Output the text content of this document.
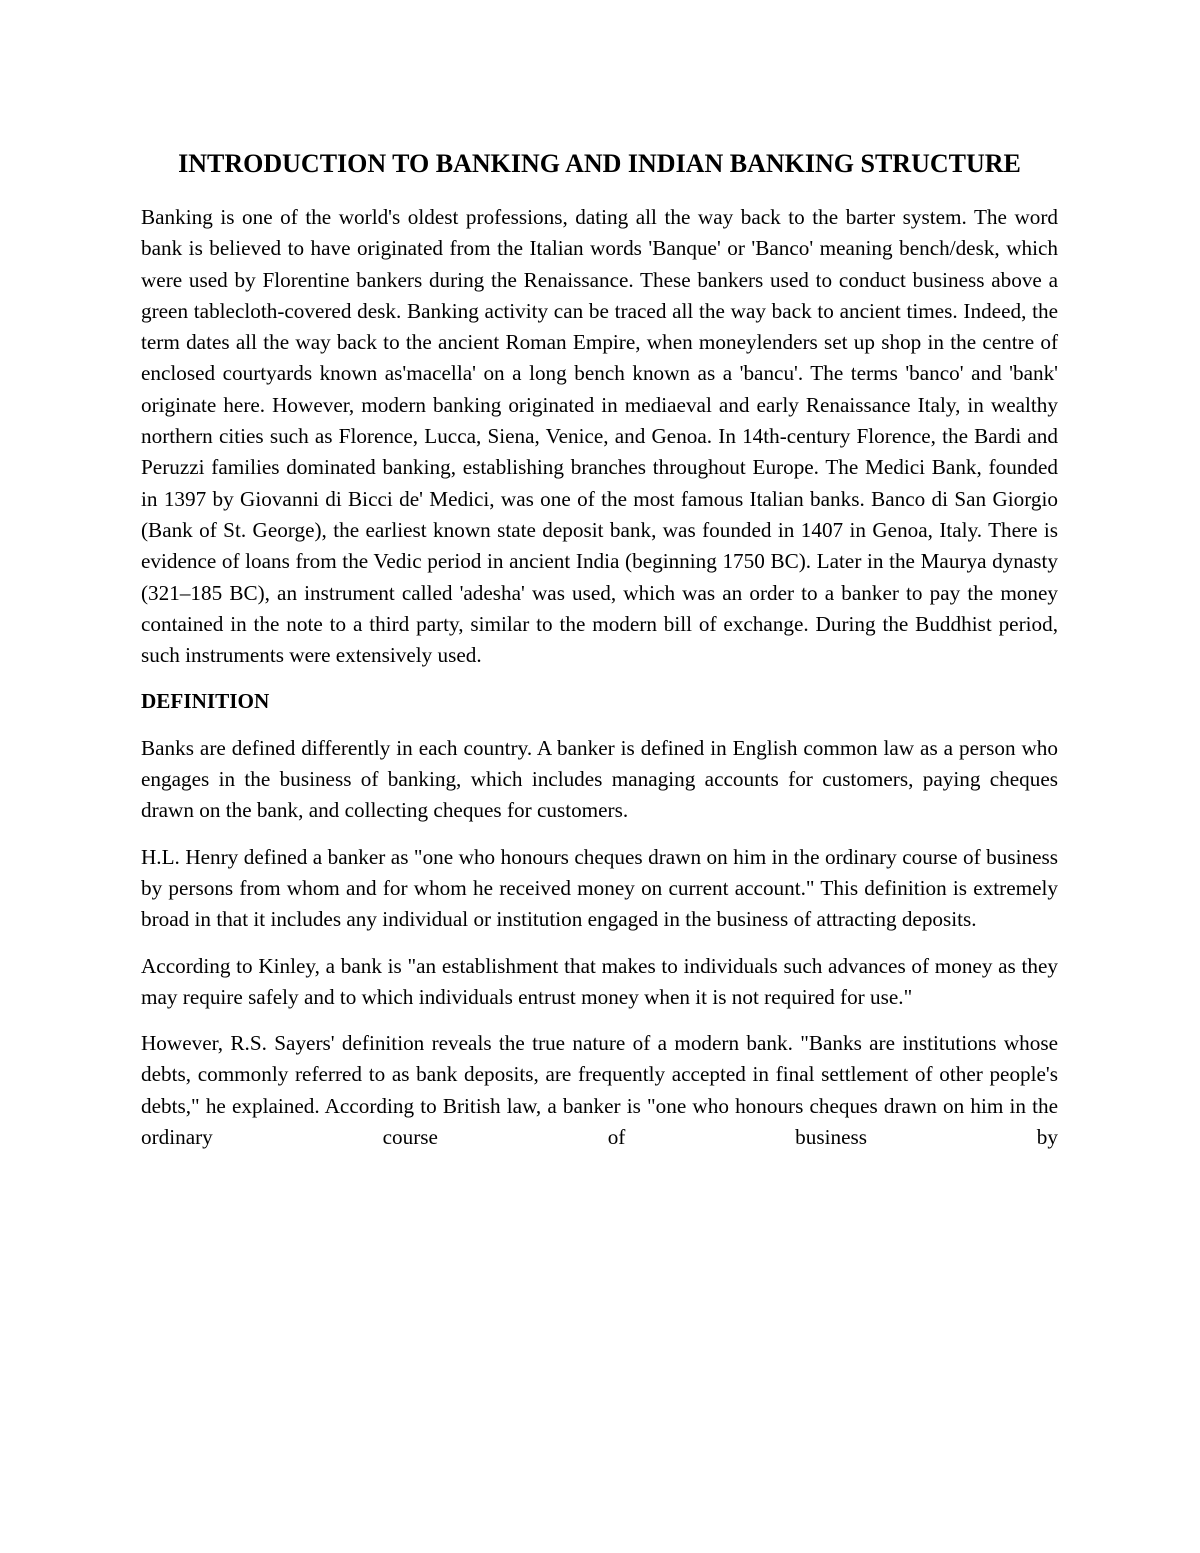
INTRODUCTION TO BANKING AND INDIAN BANKING STRUCTURE

Banking is one of the world's oldest professions, dating all the way back to the barter system. The word bank is believed to have originated from the Italian words 'Banque' or 'Banco' meaning bench/desk, which were used by Florentine bankers during the Renaissance. These bankers used to conduct business above a green tablecloth-covered desk. Banking activity can be traced all the way back to ancient times. Indeed, the term dates all the way back to the ancient Roman Empire, when moneylenders set up shop in the centre of enclosed courtyards known as'macella' on a long bench known as a 'bancu'. The terms 'banco' and 'bank' originate here. However, modern banking originated in mediaeval and early Renaissance Italy, in wealthy northern cities such as Florence, Lucca, Siena, Venice, and Genoa. In 14th-century Florence, the Bardi and Peruzzi families dominated banking, establishing branches throughout Europe. The Medici Bank, founded in 1397 by Giovanni di Bicci de' Medici, was one of the most famous Italian banks. Banco di San Giorgio (Bank of St. George), the earliest known state deposit bank, was founded in 1407 in Genoa, Italy. There is evidence of loans from the Vedic period in ancient India (beginning 1750 BC). Later in the Maurya dynasty (321–185 BC), an instrument called 'adesha' was used, which was an order to a banker to pay the money contained in the note to a third party, similar to the modern bill of exchange. During the Buddhist period, such instruments were extensively used.

DEFINITION

Banks are defined differently in each country. A banker is defined in English common law as a person who engages in the business of banking, which includes managing accounts for customers, paying cheques drawn on the bank, and collecting cheques for customers.

H.L. Henry defined a banker as "one who honours cheques drawn on him in the ordinary course of business by persons from whom and for whom he received money on current account." This definition is extremely broad in that it includes any individual or institution engaged in the business of attracting deposits.

According to Kinley, a bank is "an establishment that makes to individuals such advances of money as they may require safely and to which individuals entrust money when it is not required for use."

However, R.S. Sayers' definition reveals the true nature of a modern bank. "Banks are institutions whose debts, commonly referred to as bank deposits, are frequently accepted in final settlement of other people's debts," he explained. According to British law, a banker is "one who honours cheques drawn on him in the ordinary course of business by
